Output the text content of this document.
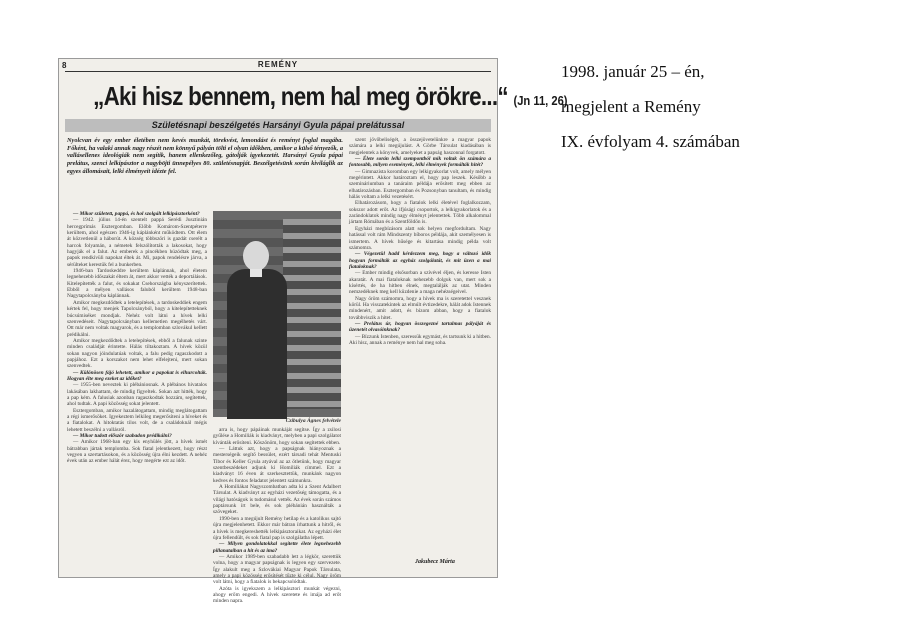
8	REMÉNY
„Aki hisz bennem, nem hal meg örökre...“ (Jn 11, 26)
Születésnapi beszélgetés Harsányi Gyula pápai prelátussal
Nyolcvan év egy ember életében nem kevés munkát, törekvést, lemondást és reményt foglal magába. Főként, ha valaki annak nagy részét nem könnyű pályán tölti el olyan időkben, amikor a külső tényezők, a vallásellenes ideológiák nem segítik, hanem ellenkezőleg, gátolják igyekezetét. Harsányi Gyula pápai prelátus, szenci lelkipásztor a nagyböjti ünnepélyes 80. születésnapját. Beszélgetésünk során kiviláglik az egyes állomásait, lelki élményeit idézte fel.

— Mikor született, pappá, és hol szolgált lelkipásztorként?

— 1942. július 14-én szentelt pappá Serédi Jusztinián hercegprímás Esztergomban. Előbb Komárom-Szentpéterre kerültem, ahol egészen 1946-ig káplánként működtem. Ott élem át közvetlenül a háborút. A község többszöri is gazdát cserélt a harcok folyamán, a németek felszólították a lakosokat, hogy hagyják el a falut. Az emberek a pincékben húzódtak meg, a papok rendkívüli napokat éltek át. Mi, papok rendelésre járva, a sérülteket kerestük fel a bunkerben.

1946-ban Tardoskeddre kerültem káplánnak, ahol életem legnehezebb időszakát éltem át, mert akkor vették a deportálások. Kitelepítették a falut, és sokakat Csehországba kényszerítettek. Ebből a mélyen vallásos faluból kerültem 1948-ban Nagytapolcsányba káplánnak.

Amikor megkezdődtek a letelepítések, a tardoskeddiek engem kértek fel, hogy menjek Tapolcsányból, hogy a kitelepítetteknek búcsúmiséket mondjak. Nehéz volt látni a hívek lelki szenvedéseit. Nagytapolcsányban kellemetlen megélhetés várt. Ott már nem voltak magyarok, és a templomban szlovákul kellett prédikálni.

Amikor megkezdődtek a letelepítések, ebből a falunak szinte minden családját érintette. Hálás tiltakoztam. A hívek közül sokan nagyon jóindulatúak voltak, a falu pedig ragaszkodott a papjához. Ezt a korszakot nem lehet elfelejteni, mert sokan szenvedtek.

— Különösen fájó lehetett, amikor a papokat is elhurcolták. Hogyan élte meg ezeket az időket?

— 1955-ben neveztek ki plébániosnak. A plébános hivatalos lakásában lakhattam, de mindig figyeltek. Sokan azt hitték, hogy a pap kém. A falusiak azonban ragaszkodtak hozzám, segítettek, ahol tudtak. A papi közösség sokat jelentett.

Esztergomban, amikor hazalátogattam, mindig meglátogattam a régi ismerősöket. Igyekeztem lelkileg megerősíteni a híveket és a fiatalokat. A hitoktatás tilos volt, de a családoknál mégis lehetett beszélni a vallásról.

— Mikor tudott először szabadon prédikálni?

— Amikor 1968-ban egy kis enyhülés jött, a hívek ismét bátrabban jártak templomba. Sok fiatal jelentkezett, hogy részt vegyen a szertartásokon, és a közösség újra élni kezdett. A nehéz évek után az ember hálát érez, hogy megérte ezt az időt.

Czibulya Ágnes felvétele

arra is, hogy pápáinak munkáját segítse. Így a zsilosi gyűlése a Homiliák is kiadványt, melyben a papi szolgálatot kívánták erősíteni. Köszönöm, hogy sokan segítettek ebben.

— Láttuk azt, hogy a papságnak hiányoznak a mesterségeik segítő bessúlet, ezért társadi tehát Mentuski Tibor és Keller Gyula atyával az az ötletünk, hogy magyar szentbeszédeket adjunk ki Homiliák címmel. Ezt a kiadványt 16 éven át szerkesztettük, munkánk nagyon kedves és fontos feladatot jelentett számunkra.

A Homiliákat Nagyszombatban adta ki a Szent Adalbert Társulat. A kiadványt az egyházi vezetőség támogatta, és a világi hatóságok is tudomásul vették. Az évek során számos paptársunk írt bele, és sok plébánián használták a szövegeket.

1990-ben a megújult Remény hetilap és a katolikus sajtó újra megjelenhetett. Ekkor már bátran írhattunk a hitről, és a hívek is megkereshették lelkipásztoraikat. Az egyházi élet újra fellendült, és sok fiatal pap is szolgálatba lépett.

— Milyen gondolatokkal segítette élete legnehezebb pillanataiban a hit és az ima?

— Amikor 1989-ben szabadabb lett a légkör, szerettük volna, hogy a magyar papságnak is legyen egy szervezete. Így alakult meg a Szlovákiai Magyar Papok Társulata, amely a papi közösség erősítését tűzte ki célul. Nagy öröm volt látni, hogy a fiatalok is bekapcsolódtak.

Azóta is igyekszem a lelkipásztori munkát végezni, ahogy erőm engedi. A hívek szeretete és imája ad erőt minden napra.

szent jövőbeliségét, a összejövetelünkre a magyar papok számára a lelki megújulást. A Görbe Társulat kiadásában is megjelentek a könyvek, amelyeket a papság haszonnal forgatott.

— Élete során lelki szempontból mik voltak ön számára a fontosabb, milyen események, lelki élmények formálták hitét?

— Gimnazista koromban egy lelkigyakorlat volt, amely mélyen megérintett. Akkor határoztam el, hogy pap leszek. Később a szemináriumban a tanáraim példája erősített meg ebben az elhatározásban. Esztergomban és Pozsonyban tanultam, és mindig hálás voltam a lelki vezetésért.

Elhatározásom, hogy a fiatalok lelki életével foglalkozzam, sokszor adott erőt. Az ifjúsági csoportok, a lelkigyakorlatok és a zarándoklatok mindig nagy élményt jelentettek. Több alkalommal jártam Rómában és a Szentföldön is.

Egyházi megbízásom alatt sok helyen megfordultam. Nagy hatással volt rám Mindszenty bíboros példája, akit személyesen is ismertem. A hívek hűsége és kitartása mindig példa volt számomra.

— Végezetül hadd kérdezzem meg, hogy a változó idők hogyan formálták az egyház szolgálatát, és mit üzen a mai fiataloknak?

— Ember mindig elsősorban a szívével éljen, és keresse Isten akaratát. A mai fiataloknak nehezebb dolguk van, mert sok a kísértés, de ha hitben élnek, megtalálják az utat. Minden nemzedéknek meg kell küzdenie a maga nehézségeivel.

Nagy öröm számomra, hogy a hívek ma is szeretettel vesznek körül. Ha visszatekintek az elmúlt évtizedekre, hálát adok Istennek mindenért, amit adott, és bízom abban, hogy a fiatalok továbbviszik a hitet.

— Prelátus úr, hogyan összegezné tartalmas pályáját és üzenetét olvasóinknak?

— Bízzunk Istenben, szeressük egymást, és tartsunk ki a hitben. Aki hisz, annak a reménye nem hal meg soha.

Jakubecz Márta
1998. január 25 – én,
megjelent a Remény
IX. évfolyam 4. számában
